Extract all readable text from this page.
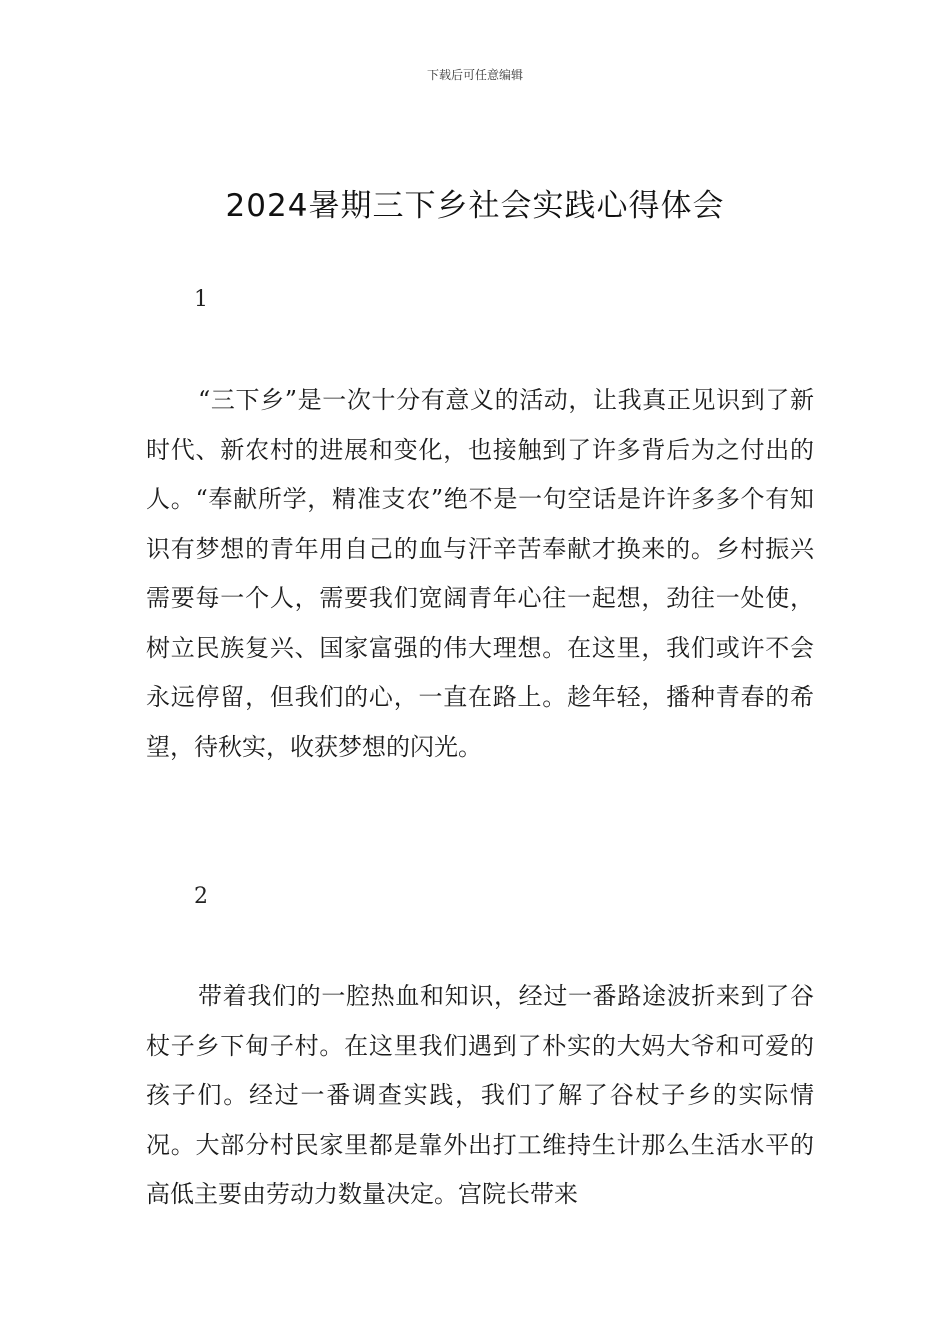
下载后可任意编辑
2024暑期三下乡社会实践心得体会
1

“三下乡”是一次十分有意义的活动，让我真正见识到了新时代、新农村的进展和变化，也接触到了许多背后为之付出的人。“奉献所学，精准支农”绝不是一句空话是许许多多个有知识有梦想的青年用自己的血与汗辛苦奉献才换来的。乡村振兴需要每一个人，需要我们宽阔青年心往一起想，劲往一处使，树立民族复兴、国家富强的伟大理想。在这里，我们或许不会永远停留，但我们的心，一直在路上。趁年轻，播种青春的希望，待秋实，收获梦想的闪光。

2

带着我们的一腔热血和知识，经过一番路途波折来到了谷杖子乡下甸子村。在这里我们遇到了朴实的大妈大爷和可爱的孩子们。经过一番调查实践，我们了解了谷杖子乡的实际情况。大部分村民家里都是靠外出打工维持生计那么生活水平的高低主要由劳动力数量决定。宫院长带来
